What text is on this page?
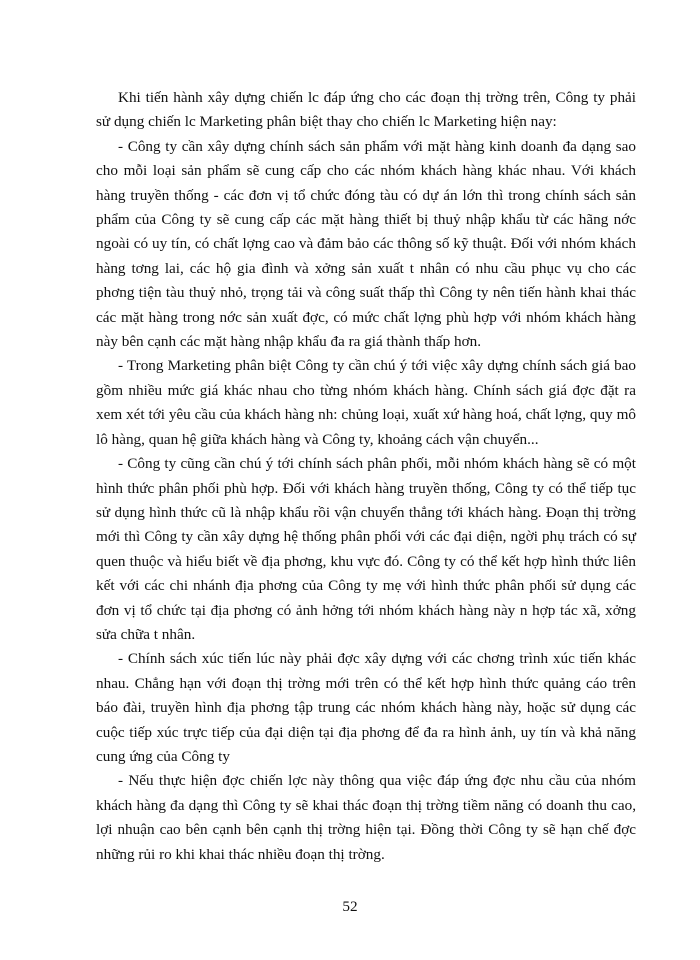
Khi tiến hành xây dựng chiến lc đáp ứng cho các đoạn thị trờng trên, Công ty phải sử dụng chiến lc Marketing phân biệt thay cho chiến lc Marketing hiện nay:

- Công ty cần xây dựng chính sách sản phẩm với mặt hàng kinh doanh đa dạng sao cho mỗi loại sản phẩm sẽ cung cấp cho các nhóm khách hàng khác nhau. Với khách hàng truyền thống - các đơn vị tổ chức đóng tàu có dự án lớn thì trong chính sách sản phẩm của Công ty sẽ cung cấp các mặt hàng thiết bị thuỷ nhập khẩu từ các hãng nớc ngoài có uy tín, có chất lợng cao và đảm bảo các thông số kỹ thuật. Đối với nhóm khách hàng tơng lai, các hộ gia đình và xởng sản xuất t nhân có nhu cầu phục vụ cho các phơng tiện tàu thuỷ nhỏ, trọng tải và công suất thấp thì Công ty nên tiến hành khai thác các mặt hàng trong nớc sản xuất đợc, có mức chất lợng phù hợp với nhóm khách hàng này bên cạnh các mặt hàng nhập khẩu đa ra giá thành thấp hơn.

- Trong Marketing phân biệt Công ty cần chú ý tới việc xây dựng chính sách giá bao gồm nhiều mức giá khác nhau cho từng nhóm khách hàng. Chính sách giá đợc đặt ra xem xét tới yêu cầu của khách hàng nh: chủng loại, xuất xứ hàng hoá, chất lợng, quy mô lô hàng, quan hệ giữa khách hàng và Công ty, khoảng cách vận chuyển...

- Công ty cũng cần chú ý tới chính sách phân phối, mỗi nhóm khách hàng sẽ có một hình thức phân phối phù hợp. Đối với khách hàng truyền thống, Công ty có thể tiếp tục sử dụng hình thức cũ là nhập khẩu rồi vận chuyển thẳng tới khách hàng. Đoạn thị trờng mới thì Công ty cần xây dựng hệ thống phân phối với các đại diện, ngời phụ trách có sự quen thuộc và hiểu biết về địa phơng, khu vực đó. Công ty có thể kết hợp hình thức liên kết với các chi nhánh địa phơng của Công ty mẹ với hình thức phân phối sử dụng các đơn vị tổ chức tại địa phơng có ảnh hởng tới nhóm khách hàng này n hợp tác xã, xởng sửa chữa t nhân.

- Chính sách xúc tiến lúc này phải đợc xây dựng với các chơng trình xúc tiến khác nhau. Chẳng hạn với đoạn thị trờng mới trên có thể kết hợp hình thức quảng cáo trên báo đài, truyền hình địa phơng tập trung các nhóm khách hàng này, hoặc sử dụng các cuộc tiếp xúc trực tiếp của đại diện tại địa phơng để đa ra hình ảnh, uy tín và khả năng cung ứng của Công ty

- Nếu thực hiện đợc chiến lợc này thông qua việc đáp ứng đợc nhu cầu của nhóm khách hàng đa dạng thì Công ty sẽ khai thác đoạn thị trờng tiềm năng có doanh thu cao, lợi nhuận cao bên cạnh bên cạnh thị trờng hiện tại. Đồng thời Công ty sẽ hạn chế đợc những rủi ro khi khai thác nhiều đoạn thị trờng.

52
